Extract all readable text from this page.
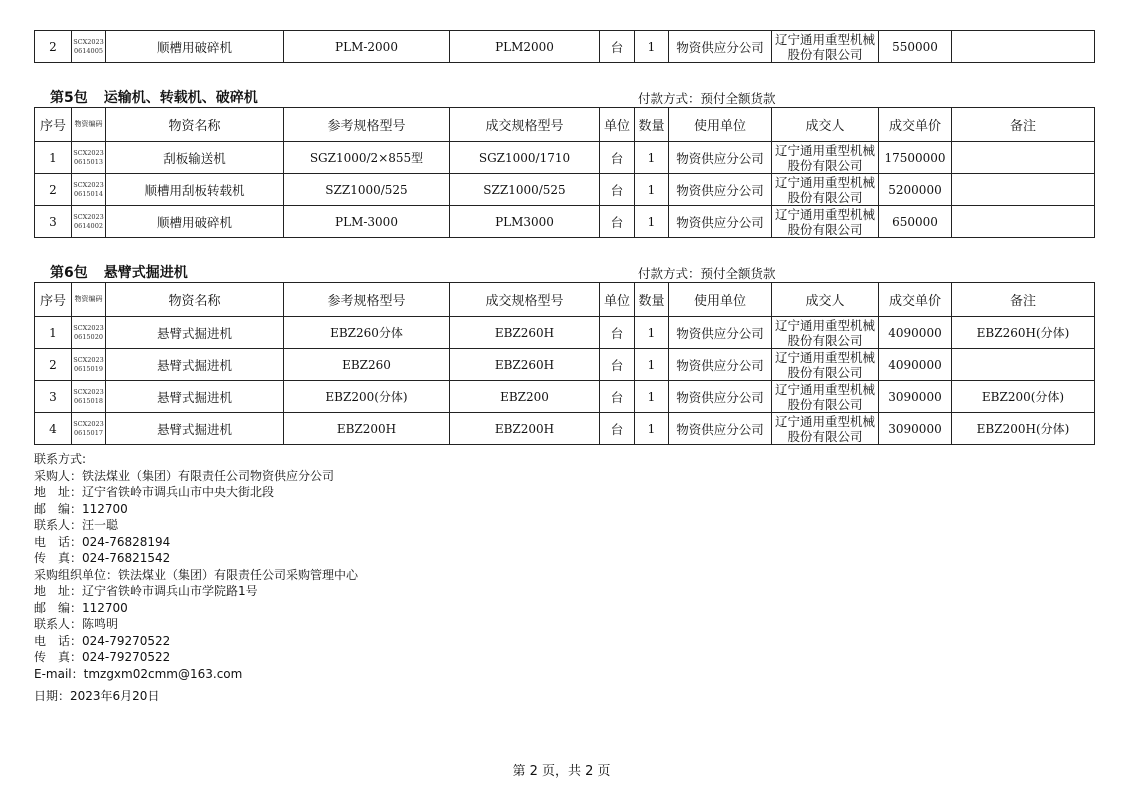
2	SCX2023 0614005	顺槽用破碎机	PLM-2000	PLM2000	台	1	物资供应分公司	辽宁通用重型机械股份有限公司	550000	
第5包 运输机、转载机、破碎机	付款方式：预付全额货款
序号	物资编码	物资名称	参考规格型号	成交规格型号	单位	数量	使用单位	成交人	成交单价	备注
1	SCX2023 0615013	刮板输送机	SGZ1000/2×855型	SGZ1000/1710	台	1	物资供应分公司	辽宁通用重型机械股份有限公司	17500000	
2	SCX2023 0615014	顺槽用刮板转载机	SZZ1000/525	SZZ1000/525	台	1	物资供应分公司	辽宁通用重型机械股份有限公司	5200000	
3	SCX2023 0614002	顺槽用破碎机	PLM-3000	PLM3000	台	1	物资供应分公司	辽宁通用重型机械股份有限公司	650000	
第6包 悬臂式掘进机	付款方式：预付全额货款
序号	物资编码	物资名称	参考规格型号	成交规格型号	单位	数量	使用单位	成交人	成交单价	备注
1	SCX2023 0615020	悬臂式掘进机	EBZ260分体	EBZ260H	台	1	物资供应分公司	辽宁通用重型机械股份有限公司	4090000	EBZ260H(分体)
2	SCX2023 0615019	悬臂式掘进机	EBZ260	EBZ260H	台	1	物资供应分公司	辽宁通用重型机械股份有限公司	4090000	
3	SCX2023 0615018	悬臂式掘进机	EBZ200(分体)	EBZ200	台	1	物资供应分公司	辽宁通用重型机械股份有限公司	3090000	EBZ200(分体)
4	SCX2023 0615017	悬臂式掘进机	EBZ200H	EBZ200H	台	1	物资供应分公司	辽宁通用重型机械股份有限公司	3090000	EBZ200H(分体)
联系方式:
采购人：铁法煤业（集团）有限责任公司物资供应分公司
地　址：辽宁省铁岭市调兵山市中央大街北段
邮　编：112700
联系人：汪一聪
电　话：024-76828194
传　真：024-76821542
采购组织单位：铁法煤业（集团）有限责任公司采购管理中心
地　址：辽宁省铁岭市调兵山市学院路1号
邮　编：112700
联系人：陈鸣明
电　话：024-79270522
传　真：024-79270522
E-mail：tmzgxm02cmm@163.com
日期：2023年6月20日
第 2 页，共 2 页
